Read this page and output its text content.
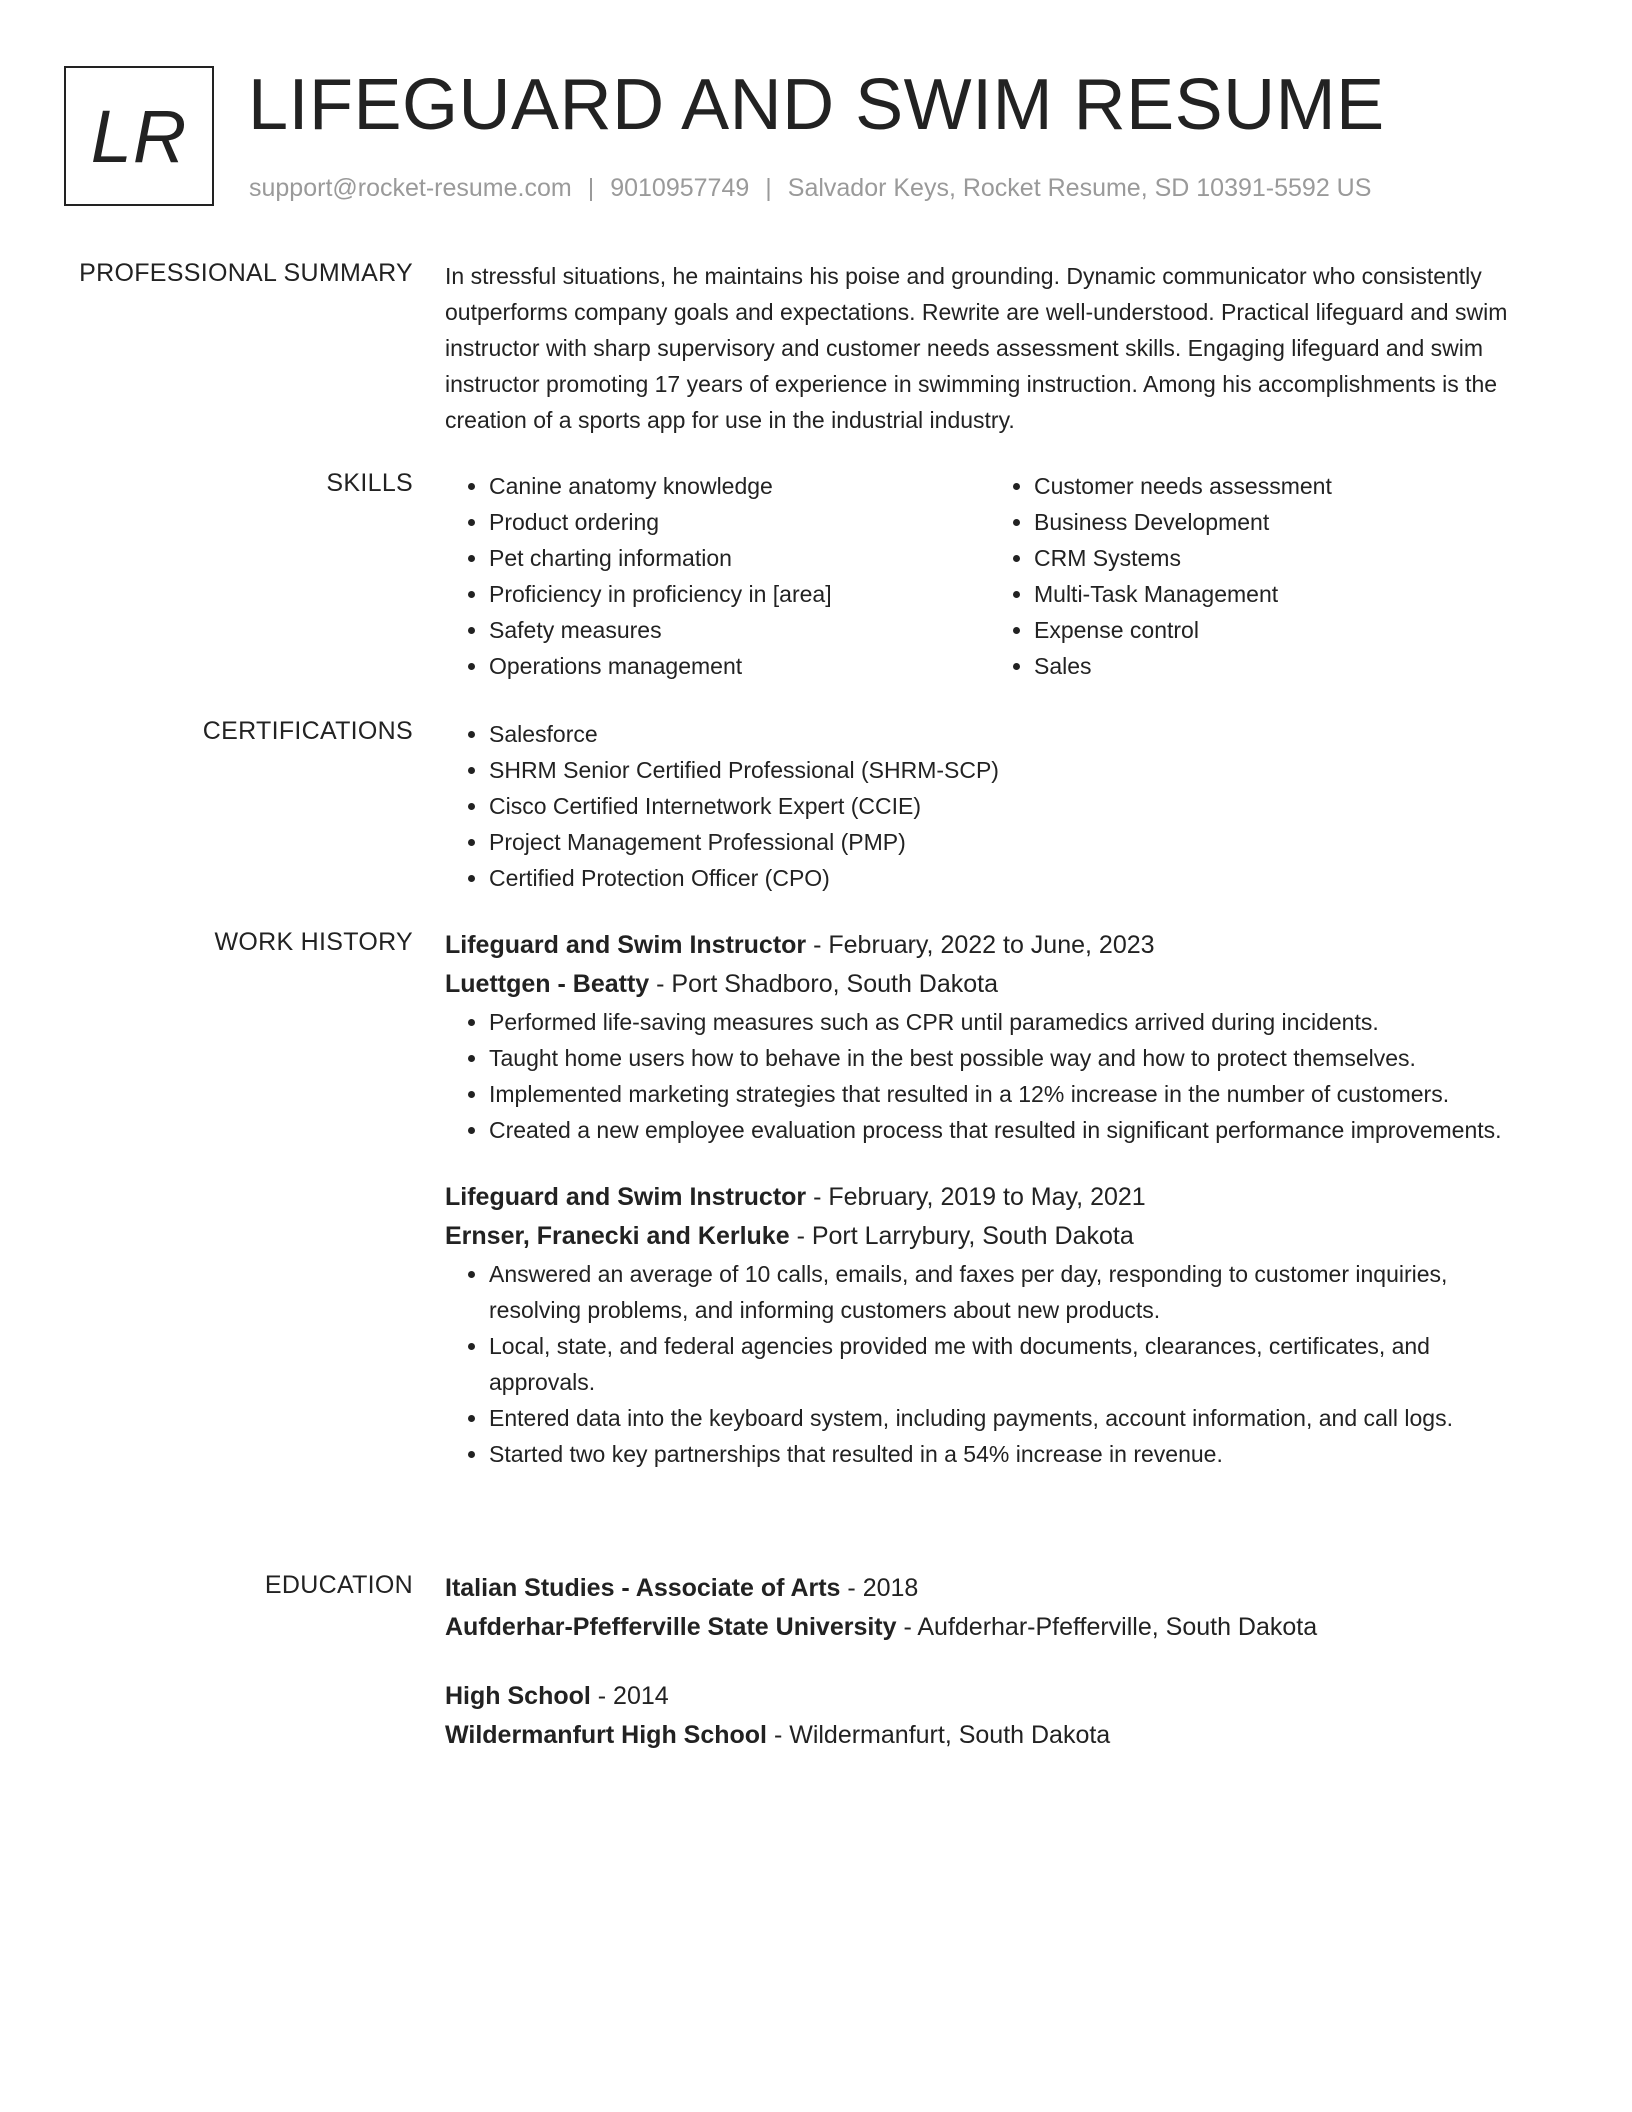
LR LIFEGUARD AND SWIM RESUME
support@rocket-resume.com | 9010957749 | Salvador Keys, Rocket Resume, SD 10391-5592 US
PROFESSIONAL SUMMARY In stressful situations, he maintains his poise and grounding. Dynamic communicator who consistently outperforms company goals and expectations. Rewrite are well-understood. Practical lifeguard and swim instructor with sharp supervisory and customer needs assessment skills. Engaging lifeguard and swim instructor promoting 17 years of experience in swimming instruction. Among his accomplishments is the creation of a sports app for use in the industrial industry.

SKILLS	• Canine anatomy knowledge
• Product ordering
• Pet charting information
• Proficiency in proficiency in [area]
• Safety measures
• Operations management
• Customer needs assessment
• Business Development
• CRM Systems
• Multi-Task Management
• Expense control
• Sales
CERTIFICATIONS	• Salesforce
• SHRM Senior Certified Professional (SHRM-SCP)
• Cisco Certified Internetwork Expert (CCIE)
• Project Management Professional (PMP)
• Certified Protection Officer (CPO)
WORK HISTORY Lifeguard and Swim Instructor - February, 2022 to June, 2023
Luettgen - Beatty - Port Shadboro, South Dakota
• Performed life-saving measures such as CPR until paramedics arrived during incidents.
• Taught home users how to behave in the best possible way and how to protect themselves.
• Implemented marketing strategies that resulted in a 12% increase in the number of customers.
• Created a new employee evaluation process that resulted in significant performance improvements.
Lifeguard and Swim Instructor - February, 2019 to May, 2021
Ernser, Franecki and Kerluke - Port Larrybury, South Dakota
• Answered an average of 10 calls, emails, and faxes per day, responding to customer inquiries, resolving problems, and informing customers about new products.
• Local, state, and federal agencies provided me with documents, clearances, certificates, and approvals.
• Entered data into the keyboard system, including payments, account information, and call logs.
• Started two key partnerships that resulted in a 54% increase in revenue.
EDUCATION Italian Studies - Associate of Arts - 2018
Aufderhar-Pfefferville State University - Aufderhar-Pfefferville, South Dakota
High School - 2014
Wildermanfurt High School - Wildermanfurt, South Dakota
